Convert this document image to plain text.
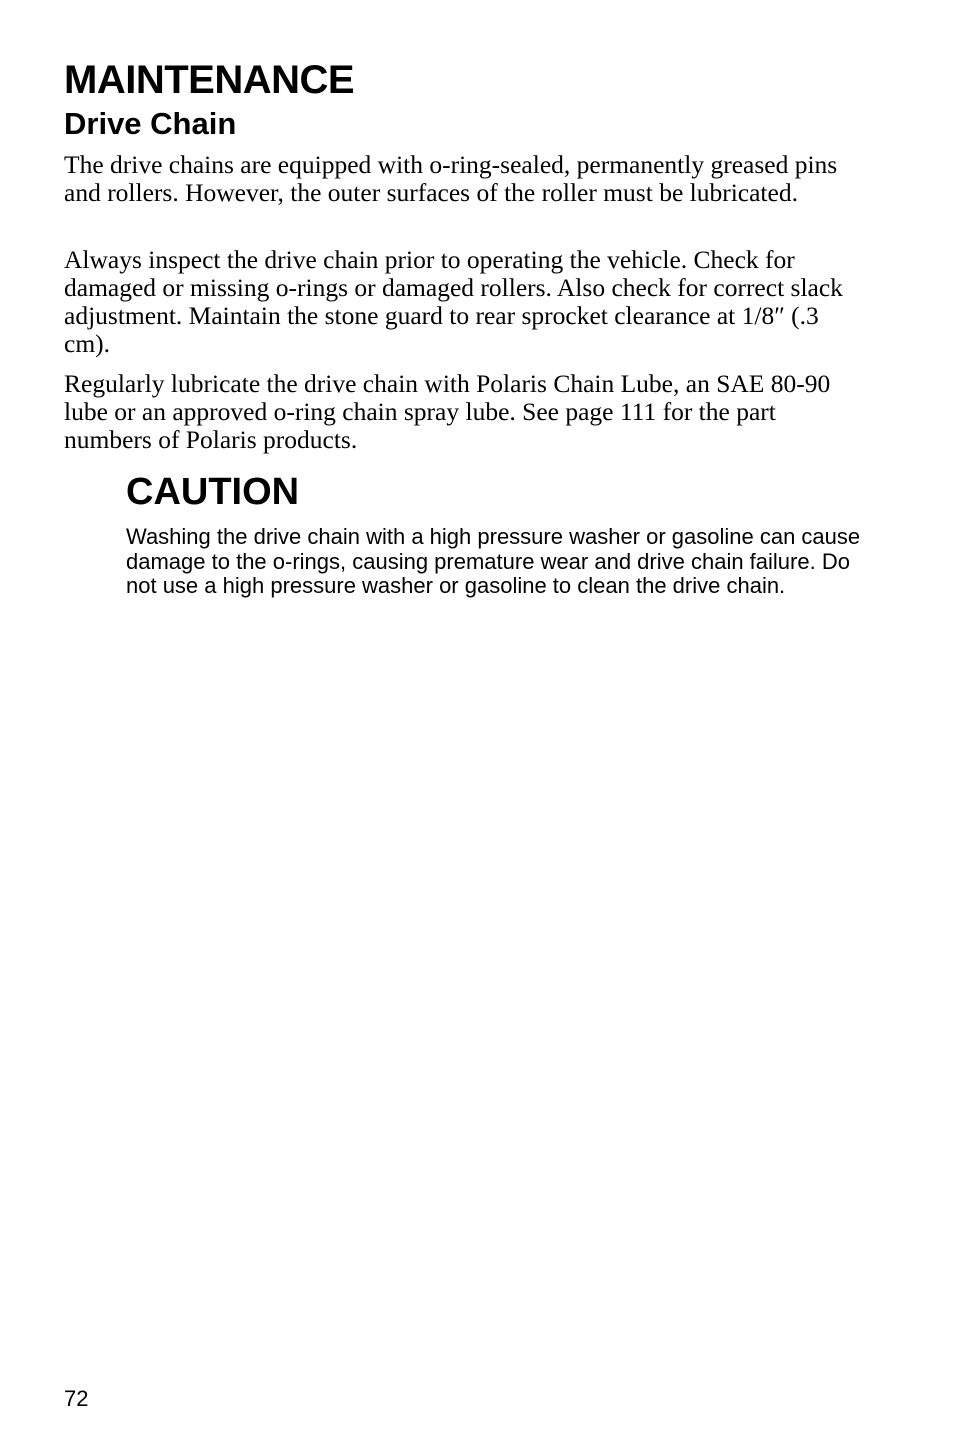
MAINTENANCE
Drive Chain

The drive chains are equipped with o-ring-sealed, permanently greased pins and rollers. However, the outer surfaces of the roller must be lubricated.

Always inspect the drive chain prior to operating the vehicle. Check for damaged or missing o-rings or damaged rollers. Also check for correct slack adjustment. Maintain the stone guard to rear sprocket clearance at 1/8″ (.3 cm).

Regularly lubricate the drive chain with Polaris Chain Lube, an SAE 80-90 lube or an approved o-ring chain spray lube. See page 111 for the part numbers of Polaris products.

CAUTION

Washing the drive chain with a high pressure washer or gasoline can cause damage to the o-rings, causing premature wear and drive chain failure. Do not use a high pressure washer or gasoline to clean the drive chain.

72
